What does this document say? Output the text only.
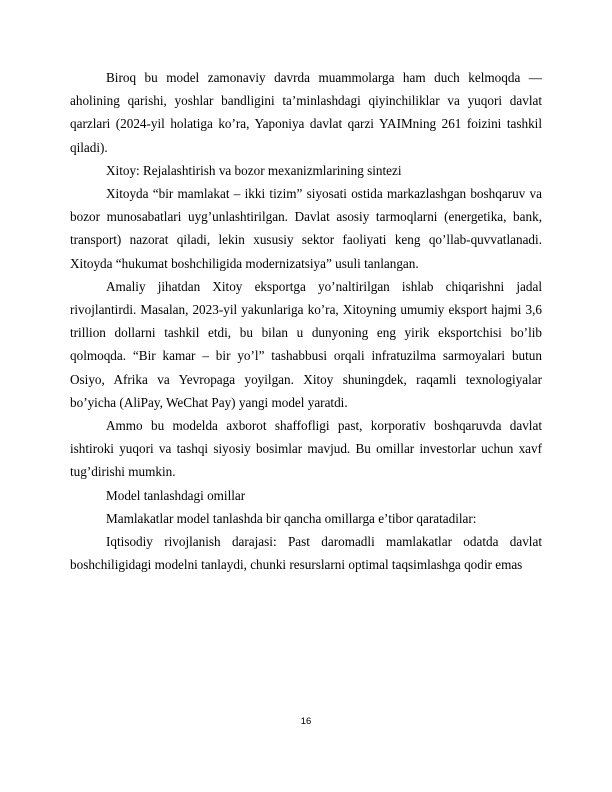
Biroq bu model zamonaviy davrda muammolarga ham duch kelmoqda — aholining qarishi, yoshlar bandligini ta’minlashdagi qiyinchiliklar va yuqori davlat qarzlari (2024-yil holatiga ko’ra, Yaponiya davlat qarzi YAIMning 261 foizini tashkil qiladi).

Xitoy: Rejalashtirish va bozor mexanizmlarining sintezi

Xitoyda “bir mamlakat – ikki tizim” siyosati ostida markazlashgan boshqaruv va bozor munosabatlari uyg’unlashtirilgan. Davlat asosiy tarmoqlarni (energetika, bank, transport) nazorat qiladi, lekin xususiy sektor faoliyati keng qo’llab-quvvatlanadi. Xitoyda “hukumat boshchiligida modernizatsiya” usuli tanlangan.

Amaliy jihatdan Xitoy eksportga yo’naltirilgan ishlab chiqarishni jadal rivojlantirdi. Masalan, 2023-yil yakunlariga ko’ra, Xitoyning umumiy eksport hajmi 3,6 trillion dollarni tashkil etdi, bu bilan u dunyoning eng yirik eksportchisi bo’lib qolmoqda. “Bir kamar – bir yo’l” tashabbusi orqali infratuzilma sarmoyalari butun Osiyo, Afrika va Yevropaga yoyilgan. Xitoy shuningdek, raqamli texnologiyalar bo’yicha (AliPay, WeChat Pay) yangi model yaratdi.

Ammo bu modelda axborot shaffofligi past, korporativ boshqaruvda davlat ishtiroki yuqori va tashqi siyosiy bosimlar mavjud. Bu omillar investorlar uchun xavf tug’dirishi mumkin.

Model tanlashdagi omillar

Mamlakatlar model tanlashda bir qancha omillarga e’tibor qaratadilar:

Iqtisodiy rivojlanish darajasi: Past daromadli mamlakatlar odatda davlat boshchiligidagi modelni tanlaydi, chunki resurslarni optimal taqsimlashga qodir emas

16
